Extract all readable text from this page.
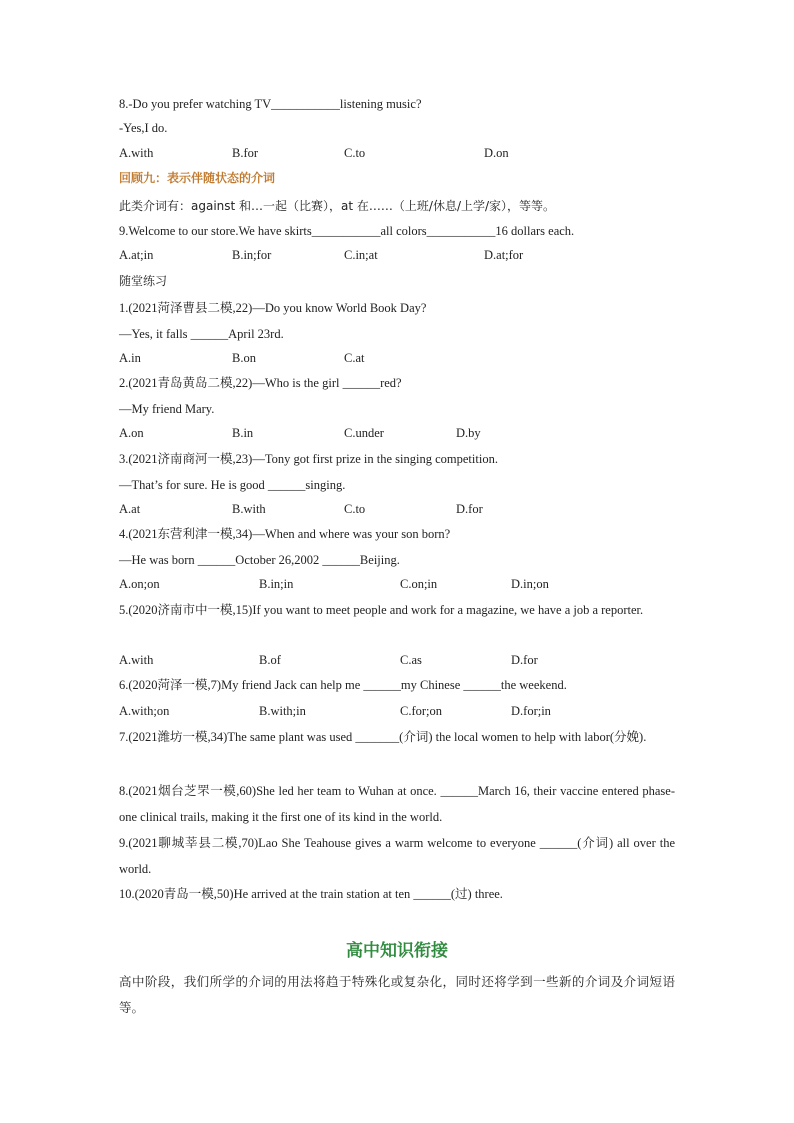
8.-Do you prefer watching TV___________listening music?
-Yes,I do.
A.with	B.for	C.to	D.on
回顾九：表示伴随状态的介词
此类介词有：against 和…一起（比赛），at 在……（上班/休息/上学/家），等等。
9.Welcome to our store.We have skirts___________all colors___________16 dollars each.
A.at;in	B.in;for	C.in;at	D.at;for
随堂练习
1.(2021菏泽曹县二模,22)—Do you know World Book Day?
—Yes, it falls ______April 23rd.
A.in	B.on	C.at
2.(2021青岛黄岛二模,22)—Who is the girl ______red?
—My friend Mary.
A.on	B.in	C.under	D.by
3.(2021济南商河一模,23)—Tony got first prize in the singing competition.
—That’s for sure. He is good ______singing.
A.at	B.with	C.to	D.for
4.(2021东营利津一模,34)—When and where was your son born?
—He was born ______October 26,2002 ______Beijing.
A.on;on	B.in;in	C.on;in	D.in;on
5.(2020济南市中一模,15)If you want to meet people and work for a magazine, we have a job a reporter.
A.with	B.of	C.as	D.for
6.(2020菏泽一模,7)My friend Jack can help me ______my Chinese ______the weekend.
A.with;on	B.with;in	C.for;on	D.for;in
7.(2021潍坊一模,34)The same plant was used _______(介词) the local women to help with labor(分娩).
8.(2021烟台芝罘一模,60)She led her team to Wuhan at once. ______March 16, their vaccine entered phase-one clinical trails, making it the first one of its kind in the world.
9.(2021聊城莘县二模,70)Lao She Teahouse gives a warm welcome to everyone ______(介词) all over the world.
10.(2020青岛一模,50)He arrived at the train station at ten ______(过) three.
高中知识衔接
高中阶段，我们所学的介词的用法将趋于特殊化或复杂化，同时还将学到一些新的介词及介词短语等。
